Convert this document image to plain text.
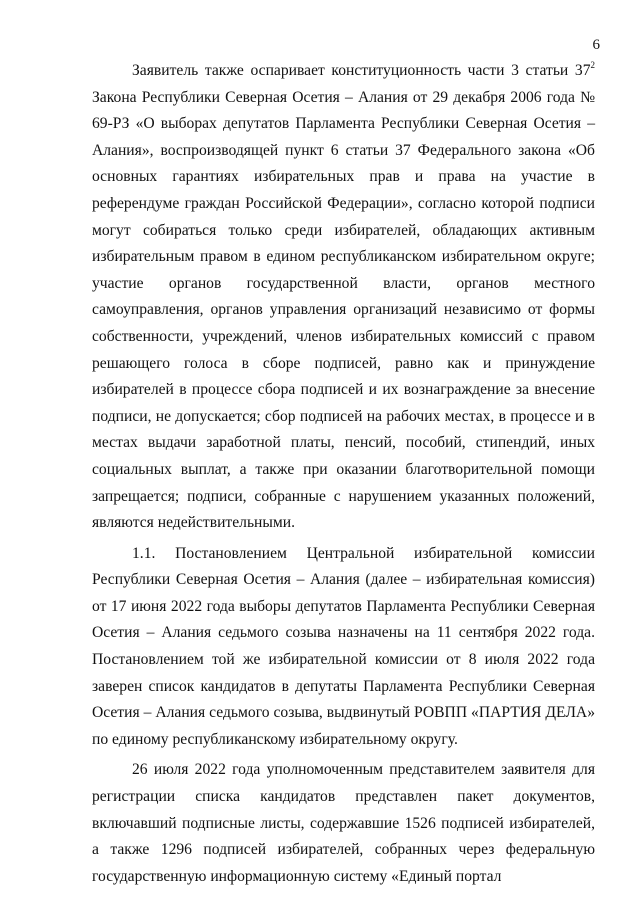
6

Заявитель также оспаривает конституционность части 3 статьи $37^2$ Закона Республики Северная Осетия – Алания от 29 декабря 2006 года № 69-РЗ «О выборах депутатов Парламента Республики Северная Осетия – Алания», воспроизводящей пункт 6 статьи 37 Федерального закона «Об основных гарантиях избирательных прав и права на участие в референдуме граждан Российской Федерации», согласно которой подписи могут собираться только среди избирателей, обладающих активным избирательным правом в едином республиканском избирательном округе; участие органов государственной власти, органов местного самоуправления, органов управления организаций независимо от формы собственности, учреждений, членов избирательных комиссий с правом решающего голоса в сборе подписей, равно как и принуждение избирателей в процессе сбора подписей и их вознаграждение за внесение подписи, не допускается; сбор подписей на рабочих местах, в процессе и в местах выдачи заработной платы, пенсий, пособий, стипендий, иных социальных выплат, а также при оказании благотворительной помощи запрещается; подписи, собранные с нарушением указанных положений, являются недействительными.

1.1. Постановлением Центральной избирательной комиссии Республики Северная Осетия – Алания (далее – избирательная комиссия) от 17 июня 2022 года выборы депутатов Парламента Республики Северная Осетия – Алания седьмого созыва назначены на 11 сентября 2022 года. Постановлением той же избирательной комиссии от 8 июля 2022 года заверен список кандидатов в депутаты Парламента Республики Северная Осетия – Алания седьмого созыва, выдвинутый РОВПП «ПАРТИЯ ДЕЛА» по единому республиканскому избирательному округу.

26 июля 2022 года уполномоченным представителем заявителя для регистрации списка кандидатов представлен пакет документов, включавший подписные листы, содержавшие 1526 подписей избирателей, а также 1296 подписей избирателей, собранных через федеральную государственную информационную систему «Единый портал
